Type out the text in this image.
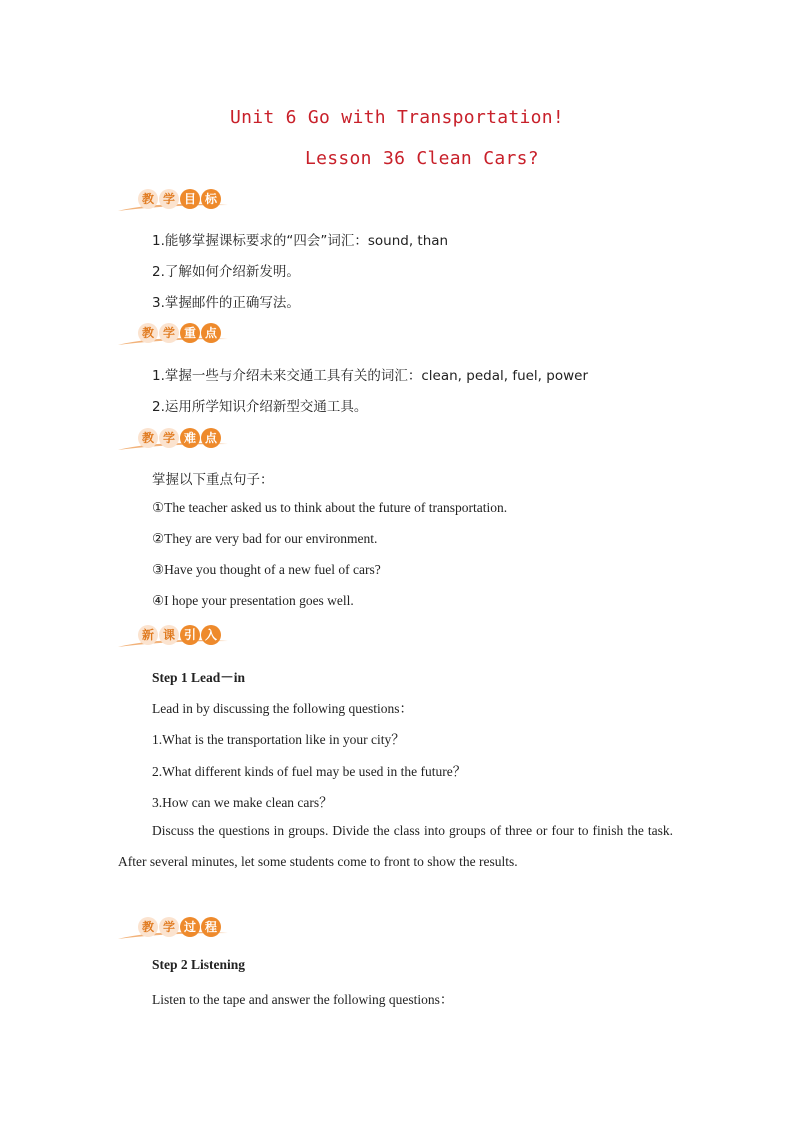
Unit 6 Go with Transportation!
Lesson 36 Clean Cars?
教 学 目 标
1.能够掌握课标要求的“四会”词汇：sound, than
2.了解如何介绍新发明。
3.掌握邮件的正确写法。
教 学 重 点
1.掌握一些与介绍未来交通工具有关的词汇：clean, pedal, fuel, power
2.运用所学知识介绍新型交通工具。
教 学 难 点
掌握以下重点句子：
①The teacher asked us to think about the future of transportation.
②They are very bad for our environment.
③Have you thought of a new fuel of cars?
④I hope your presentation goes well.
新 课 引 入
Step 1 Lead－in
Lead in by discussing the following questions：
1.What is the transportation like in your city？
2.What different kinds of fuel may be used in the future？
3.How can we make clean cars？
Discuss the questions in groups. Divide the class into groups of three or four to finish the task. After several minutes, let some students come to front to show the results.
教 学 过 程
Step 2 Listening
Listen to the tape and answer the following questions：
